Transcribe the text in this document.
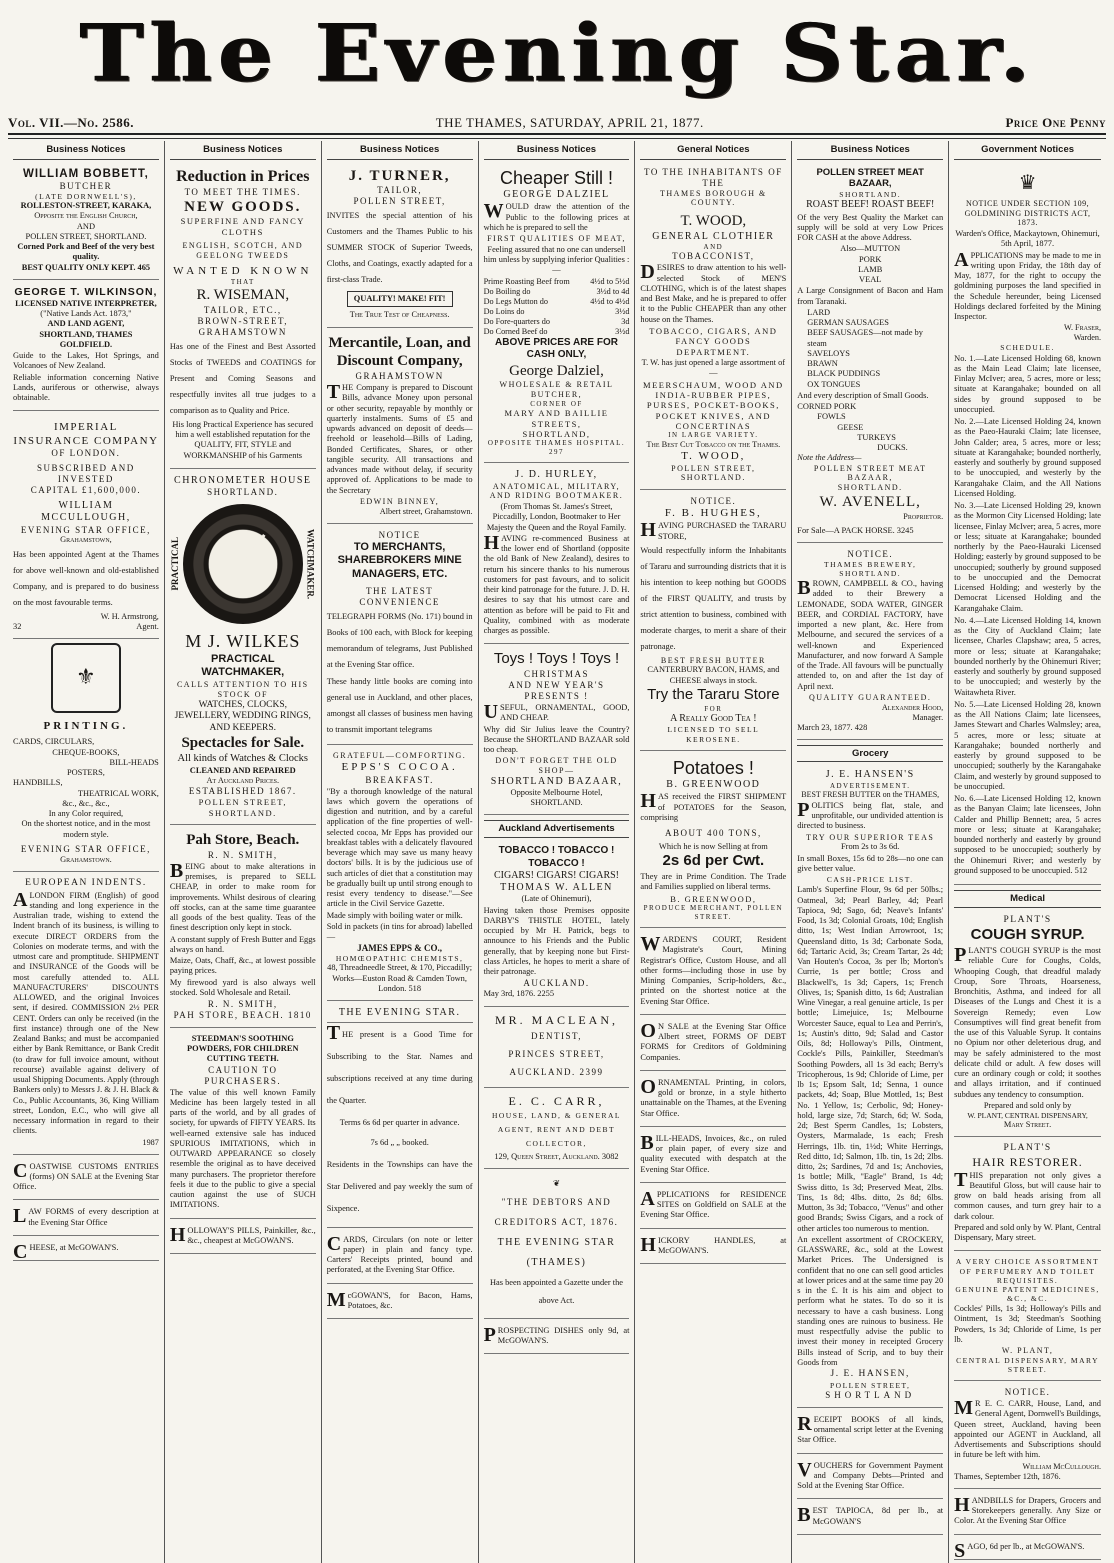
The Evening Star.
Vol. VII.—No. 2586.	THE THAMES, SATURDAY, APRIL 21, 1877.	Price One Penny
Business Notices
WILLIAM BOBBETT,
BUTCHER
(LATE DORNWELL'S),
ROLLESTON-STREET, KARAKA,
Opposite the English Church,
AND
POLLEN STREET, SHORTLAND.
Corned Pork and Beef of the very best quality.
BEST QUALITY ONLY KEPT. 465
GEORGE T. WILKINSON,
LICENSED NATIVE INTERPRETER,
("Native Lands Act. 1873,"
AND LAND AGENT,
SHORTLAND, THAMES GOLDFIELD.

Guide to the Lakes, Hot Springs, and Volcanoes of New Zealand.

Reliable information concerning Native Lands, auriferous or otherwise, always obtainable.

IMPERIAL
INSURANCE COMPANY
OF LONDON.
SUBSCRIBED AND INVESTED
CAPITAL £1,600,000.
WILLIAM MCCULLOUGH,
EVENING STAR OFFICE,
Grahamstown,

Has been appointed Agent at the Thames for above well-known and old-established Company, and is prepared to do business on the most favourable terms.

W. H. Armstrong,
32	Agent.
⚜
PRINTING.
CARDS, CIRCULARS,
CHEQUE-BOOKS,
BILL-HEADS
POSTERS,
HANDBILLS,
THEATRICAL WORK,
&c., &c., &c.,
In any Color required,
On the shortest notice, and in the most modern style.
EVENING STAR OFFICE,
Grahamstown.
EUROPEAN INDENTS.

ALONDON FIRM (English) of good standing and long experience in the Australian trade, wishing to extend the Indent branch of its business, is willing to execute DIRECT ORDERS from the Colonies on moderate terms, and with the utmost care and promptitude. SHIPMENT and INSURANCE of the Goods will be most carefully attended to. ALL MANUFACTURERS' DISCOUNTS ALLOWED, and the original Invoices sent, if desired. COMMISSION 2½ PER CENT. Orders can only be received (in the first instance) through one of the New Zealand Banks; and must be accompanied either by Bank Remittance, or Bank Credit (to draw for full invoice amount, without recourse) available against delivery of usual Shipping Documents. Apply (through Bankers only) to Messrs J. & J. H. Black & Co., Public Accountants, 36, King William street, London, E.C., who will give all necessary information in regard to their clients.

1987

COASTWISE CUSTOMS ENTRIES (forms) ON SALE at the Evening Star Office.

LAW FORMS of every description at the Evening Star Office

CHEESE, at McGOWAN'S.

Business Notices
Reduction in Prices
TO MEET THE TIMES.
NEW GOODS.
SUPERFINE AND FANCY CLOTHS
ENGLISH, SCOTCH, AND GEELONG TWEEDS
WANTED KNOWN
THAT
R. WISEMAN,
TAILOR, ETC.,
BROWN-STREET, GRAHAMSTOWN

Has one of the Finest and Best Assorted Stocks of TWEEDS and COATINGS for Present and Coming Seasons and respectfully invites all true judges to a comparison as to Quality and Price.

His long Practical Experience has secured him a well established reputation for the QUALITY, FIT, STYLE and WORKMANSHIP of his Garments

CHRONOMETER HOUSE
SHORTLAND.
PRACTICAL	WATCHMAKER.
M J. WILKES
PRACTICAL WATCHMAKER,
CALLS ATTENTION TO HIS STOCK OF
WATCHES, CLOCKS, JEWELLERY, WEDDING RINGS, AND KEEPERS.
Spectacles for Sale.
All kinds of Watches & Clocks
CLEANED AND REPAIRED
At Auckland Prices.
ESTABLISHED 1867.
POLLEN STREET, SHORTLAND.
Pah Store, Beach.
R. N. SMITH,

BEING about to make alterations in premises, is prepared to SELL CHEAP, in order to make room for improvements. Whilst desirous of clearing off stocks, can at the same time guarantee all goods of the best quality. Teas of the finest description only kept in stock.

A constant supply of Fresh Butter and Eggs always on hand.

Maize, Oats, Chaff, &c., at lowest possible paying prices.

My firewood yard is also always well stocked. Sold Wholesale and Retail.

R. N. SMITH,
PAH STORE, BEACH. 1810
STEEDMAN'S SOOTHING POWDERS, FOR CHILDREN CUTTING TEETH.
CAUTION TO PURCHASERS.

The value of this well known Family Medicine has been largely tested in all parts of the world, and by all grades of society, for upwards of FIFTY YEARS. Its well-earned extensive sale has induced SPURIOUS IMITATIONS, which in OUTWARD APPEARANCE so closely resemble the original as to have deceived many purchasers. The proprietor therefore feels it due to the public to give a special caution against the use of SUCH IMITATIONS.

HOLLOWAY'S PILLS, Painkiller, &c., &c., cheapest at McGOWAN'S.

Business Notices
J. TURNER,
TAILOR,
POLLEN STREET,

INVITES the special attention of his Customers and the Thames Public to his SUMMER STOCK of Superior Tweeds, Cloths, and Coatings, exactly adapted for a first-class Trade.

QUALITY! MAKE! FIT!
The True Test of Cheapness.
Mercantile, Loan, and Discount Company,
GRAHAMSTOWN

THE Company is prepared to Discount Bills, advance Money upon personal or other security, repayable by monthly or quarterly instalments. Sums of £5 and upwards advanced on deposit of deeds—freehold or leasehold—Bills of Lading, Bonded Certificates, Shares, or other tangible security. All transactions and advances made without delay, if security approved of. Applications to be made to the Secretary

EDWIN BINNEY,
Albert street, Grahamstown.
NOTICE
TO MERCHANTS, SHAREBROKERS MINE MANAGERS, ETC.
THE LATEST CONVENIENCE

TELEGRAPH FORMS (No. 171) bound in Books of 100 each, with Block for keeping memorandum of telegrams, Just Published at the Evening Star office.

These handy little books are coming into general use in Auckland, and other places, amongst all classes of business men having to transmit important telegrams

GRATEFUL—COMFORTING.
EPPS'S COCOA.
BREAKFAST.

"By a thorough knowledge of the natural laws which govern the operations of digestion and nutrition, and by a careful application of the fine properties of well-selected cocoa, Mr Epps has provided our breakfast tables with a delicately flavoured beverage which may save us many heavy doctors' bills. It is by the judicious use of such articles of diet that a constitution may be gradually built up until strong enough to resist every tendency to disease."—See article in the Civil Service Gazette.

Made simply with boiling water or milk.

Sold in packets (in tins for abroad) labelled—

JAMES EPPS & CO.,
HOMŒOPATHIC CHEMISTS,
48, Threadneedle Street, & 170, Piccadilly; Works—Euston Road & Camden Town, London. 518
THE EVENING STAR.

THE present is a Good Time for Subscribing to the Star. Names and subscriptions received at any time during the Quarter.

Terms 6s 6d per quarter in advance.
7s 6d „ „ booked.

Residents in the Townships can have the Star Delivered and pay weekly the sum of Sixpence.

CARDS, Circulars (on note or letter paper) in plain and fancy type. Carters' Receipts printed, bound and perforated, at the Evening Star Office.

McGOWAN'S, for Bacon, Hams, Potatoes, &c.

Business Notices
Cheaper Still !
GEORGE DALZIEL

WOULD draw the attention of the Public to the following prices at which he is prepared to sell the

FIRST QUALITIES OF MEAT,

Feeling assured that no one can undersell him unless by supplying inferior Qualities :—

Prime Roasting Beef from	4½d to 5½d
Do Boiling do	3½d to 4d
Do Legs Mutton do	4½d to 4½d
Do Loins do	3½d
Do Fore-quarters do	3d
Do Corned Beef do	3½d
ABOVE PRICES ARE FOR CASH ONLY,
George Dalziel,
WHOLESALE & RETAIL BUTCHER,
CORNER OF
MARY AND BAILLIE STREETS,
SHORTLAND,
OPPOSITE THAMES HOSPITAL. 297
J. D. HURLEY,
ANATOMICAL, MILITARY, AND RIDING BOOTMAKER.

(From Thomas St. James's Street, Piccadilly, London, Bootmaker to Her Majesty the Queen and the Royal Family.

HAVING re-commenced Business at the lower end of Shortland (opposite the old Bank of New Zealand), desires to return his sincere thanks to his numerous customers for past favours, and to solicit their kind patronage for the future. J. D. H. desires to say that his utmost care and attention as before will be paid to Fit and Quality, combined with as moderate charges as possible.

Toys ! Toys ! Toys !
CHRISTMAS
AND NEW YEAR'S PRESENTS !

USEFUL, ORNAMENTAL, GOOD, AND CHEAP.

Why did Sir Julius leave the Country? Because the SHORTLAND BAZAAR sold too cheap.

DON'T FORGET THE OLD SHOP—
SHORTLAND BAZAAR,
Opposite Melbourne Hotel, SHORTLAND.
Auckland Advertisements
TOBACCO ! TOBACCO ! TOBACCO !
CIGARS! CIGARS! CIGARS!
THOMAS W. ALLEN
(Late of Ohinemuri),

Having taken those Premises opposite DARBY'S THISTLE HOTEL, lately occupied by Mr H. Patrick, begs to announce to his Friends and the Public generally, that by keeping none but First-class Articles, he hopes to merit a share of their patronage.

AUCKLAND.
May 3rd, 1876. 2255
MR. MACLEAN,
DENTIST,
PRINCES STREET,
AUCKLAND. 2399
E. C. CARR,
HOUSE, LAND, & GENERAL AGENT, RENT AND DEBT COLLECTOR,
129, Queen Street, Auckland. 3082
❦
"THE DEBTORS AND CREDITORS ACT, 1876.
THE EVENING STAR (THAMES)

Has been appointed a Gazette under the above Act.

PROSPECTING DISHES only 9d, at McGOWAN'S.

General Notices
TO THE INHABITANTS OF THE
THAMES BOROUGH & COUNTY.
T. WOOD,
GENERAL CLOTHIER
AND
TOBACCONIST,

DESIRES to draw attention to his well-selected Stock of MEN'S CLOTHING, which is of the latest shapes and Best Make, and he is prepared to offer it to the Public CHEAPER than any other house on the Thames.

TOBACCO, CIGARS, AND FANCY GOODS DEPARTMENT.

T. W. has just opened a large assortment of—

MEERSCHAUM, WOOD AND INDIA-RUBBER PIPES, PURSES, POCKET-BOOKS, POCKET KNIVES, AND CONCERTINAS
IN LARGE VARIETY.
The Best Cut Tobacco on the Thames.
T. WOOD,
POLLEN STREET, SHORTLAND.
NOTICE.
F. B. HUGHES,

HAVING PURCHASED the TARARU STORE,

Would respectfully inform the Inhabitants of Tararu and surrounding districts that it is his intention to keep nothing but GOODS of the FIRST QUALITY, and trusts by strict attention to business, combined with moderate charges, to merit a share of their patronage.

BEST FRESH BUTTER
CANTERBURY BACON, HAMS, and CHEESE always in stock.
Try the Tararu Store
FOR
A Really Good Tea !
LICENSED TO SELL KEROSENE.
Potatoes !
B. GREENWOOD

HAS received the FIRST SHIPMENT of POTATOES for the Season, comprising

ABOUT 400 TONS,
Which he is now Selling at from
2s 6d per Cwt.

They are in Prime Condition. The Trade and Families supplied on liberal terms.

B. GREENWOOD,
PRODUCE MERCHANT, POLLEN STREET.

WARDEN'S COURT, Resident Magistrate's Court, Mining Registrar's Office, Custom House, and all other forms—including those in use by Mining Companies, Scrip-holders, &c., printed on the shortest notice at the Evening Star Office.

ON SALE at the Evening Star Office Albert street, FORMS OF DEBT FORMS for Creditors of Goldmining Companies.

ORNAMENTAL Printing, in colors, gold or bronze, in a style hitherto unattainable on the Thames, at the Evening Star Office.

BILL-HEADS, Invoices, &c., on ruled or plain paper, of every size and quality executed with despatch at the Evening Star Office.

APPLICATIONS for RESIDENCE SITES on Goldfield on SALE at the Evening Star Office.

HICKORY HANDLES, at McGOWAN'S.

Business Notices
POLLEN STREET MEAT BAZAAR,
SHORTLAND.
ROAST BEEF! ROAST BEEF!

Of the very Best Quality the Market can supply will be sold at very Low Prices FOR CASH at the above Address.

Also—MUTTON
PORK
LAMB
VEAL

A Large Consignment of Bacon and Ham from Taranaki.

LARD
GERMAN SAUSAGES
BEEF SAUSAGES—not made by steam
SAVELOYS
BRAWN
BLACK PUDDINGS
OX TONGUES

And every description of Small Goods.

CORNED PORK
FOWLS
GEESE
TURKEYS
DUCKS.
Note the Address—
POLLEN STREET MEAT BAZAAR,
SHORTLAND.
W. AVENELL,
Proprietor.
For Sale—A PACK HORSE. 3245
NOTICE.
THAMES BREWERY, SHORTLAND.

BROWN, CAMPBELL & CO., having added to their Brewery a LEMONADE, SODA WATER, GINGER BEER, and CORDIAL FACTORY, have imported a new plant, &c. Here from Melbourne, and secured the services of a well-known and Experienced Manufacturer, and now forward A Sample of the Trade. All favours will be punctually attended to, on and after the 1st day of April next.

QUALITY GUARANTEED.
Alexander Hood,
Manager.
March 23, 1877. 428
Grocery
J. E. HANSEN'S
ADVERTISEMENT.
BEST FRESH BUTTER on the THAMES,

POLITICS being flat, stale, and unprofitable, our undivided attention is directed to business.

TRY OUR SUPERIOR TEAS
From 2s to 3s 6d.

In small Boxes, 15s 6d to 28s—no one can give better value.

CASH-PRICE LIST.

Lamb's Superfine Flour, 9s 6d per 50lbs.; Oatmeal, 3d; Pearl Barley, 4d; Pearl Tapioca, 9d; Sago, 6d; Neave's Infants' Food, 1s 3d; Colonial Groats, 10d; English ditto, 1s; West Indian Arrowroot, 1s; Queensland ditto, 1s 3d; Carbonate Soda, 6d; Tartaric Acid, 3s; Cream Tartar, 2s 4d; Van Houten's Cocoa, 3s per lb; Morton's Currie, 1s per bottle; Cross and Blackwell's, 1s 3d; Capers, 1s; French Olives, 1s; Spanish ditto, 1s 6d; Australian Wine Vinegar, a real genuine article, 1s per bottle; Limejuice, 1s; Melbourne Worcester Sauce, equal to Lea and Perrin's, 1s; Austin's ditto, 9d; Salad and Castor Oils, 8d; Holloway's Pills, Ointment, Cockle's Pills, Painkiller, Steedman's Soothing Powders, all 1s 3d each; Berry's Tricopherous, 1s 9d; Chloride of Lime, per lb 1s; Epsom Salt, 1d; Senna, 1 ounce packets, 4d; Soap, Blue Mottled, 1s; Best No. 1 Yellow, 1s; Cerbolic, 9d; Honey-hold, large size, 7d; Starch, 6d; W. Soda, 2d; Best Sperm Candles, 1s; Lobsters, Oysters, Marmalade, 1s each; Fresh Herrings, 1lb. tin, 1½d; White Herrings, Red ditto, 1d; Salmon, 1lb. tin, 1s 2d; 2lbs. ditto, 2s; Sardines, 7d and 1s; Anchovies, 1s bottle; Milk, "Eagle" Brand, 1s 4d; Swiss ditto, 1s 3d; Preserved Meat, 2lbs. Tins, 1s 8d; 4lbs. ditto, 2s 8d; 6lbs. Mutton, 3s 3d; Tobacco, "Venus" and other good Brands; Swiss Cigars, and a rock of other articles too numerous to mention.

An excellent assortment of CROCKERY, GLASSWARE, &c., sold at the Lowest Market Prices. The Undersigned is confident that no one can sell good articles at lower prices and at the same time pay 20 s in the £. It is his aim and object to perform what he states. To do so it is necessary to have a cash business. Long standing ones are ruinous to business. He must respectfully advise the public to invest their money in receipted Grocery Bills instead of Scrip, and to buy their Goods from

J. E. HANSEN,
POLLEN STREET,
SHORTLAND

RECEIPT BOOKS of all kinds, ornamental script letter at the Evening Star Office.

VOUCHERS for Government Payment and Company Debts—Printed and Sold at the Evening Star Office.

BEST TAPIOCA, 8d per lb., at McGOWAN'S

Government Notices
♛
NOTICE UNDER SECTION 109, GOLDMINING DISTRICTS ACT, 1873.

Warden's Office, Mackaytown, Ohinemuri, 5th April, 1877.

APPLICATIONS may be made to me in writing upon Friday, the 18th day of May, 1877, for the right to occupy the goldmining purposes the land specified in the Schedule hereunder, being Licensed Holdings declared forfeited by the Mining Inspector.

W. Fraser,
Warden.
SCHEDULE.

No. 1.—Late Licensed Holding 68, known as the Main Lead Claim; late licensee, Finlay McIver; area, 5 acres, more or less; situate at Karangahake; bounded on all sides by ground supposed to be unoccupied.

No. 2.—Late Licensed Holding 24, known as the Paeo-Hauraki Claim; late licensee, John Calder; area, 5 acres, more or less; situate at Karangahake; bounded northerly, easterly and southerly by ground supposed to be unoccupied, and westerly by the Karangahake Claim, and the All Nations Licensed Holding.

No. 3.—Late Licensed Holding 29, known as the Mormon City Licensed Holding; late licensee, Finlay McIver; area, 5 acres, more or less; situate at Karangahake; bounded northerly by the Paeo-Hauraki Licensed Holding; easterly by ground supposed to be unoccupied; southerly by ground supposed to be unoccupied and the Democrat Licensed Holding; and westerly by the Democrat Licensed Holding and the Karangahake Claim.

No. 4.—Late Licensed Holding 14, known as the City of Auckland Claim; late licensee, Charles Clapshaw; area, 5 acres, more or less; situate at Karangahake; bounded northerly by the Ohinemuri River; easterly and southerly by ground supposed to be unoccupied; and westerly by the Waitawheta River.

No. 5.—Late Licensed Holding 28, known as the All Nations Claim; late licensees, James Stewart and Charles Walmsley; area, 5 acres, more or less; situate at Karangahake; bounded northerly and easterly by ground supposed to be unoccupied; southerly by the Karangahake Claim, and westerly by ground supposed to be unoccupied.

No. 6.—Late Licensed Holding 12, known as the Banyan Claim; late licensees, John Calder and Phillip Bennett; area, 5 acres more or less; situate at Karangahake; bounded northerly and easterly by ground supposed to be unoccupied; southerly by the Ohinemuri River; and westerly by ground supposed to be unoccupied. 512

Medical
PLANT'S
COUGH SYRUP.

PLANT'S COUGH SYRUP is the most reliable Cure for Coughs, Colds, Whooping Cough, that dreadful malady Croup, Sore Throats, Hoarseness, Bronchitis, Asthma, and indeed for all Diseases of the Lungs and Chest it is a Sovereign Remedy; even Low Consumptives will find great benefit from the use of this Valuable Syrup. It contains no Opium nor other deleterious drug, and may be safely administered to the most delicate child or adult. A few doses will cure an ordinary cough or cold; it soothes and allays irritation, and if continued subdues any tendency to consumption.

Prepared and sold only by
W. PLANT, CENTRAL DISPENSARY,
Mary Street.
PLANT'S
HAIR RESTORER.

THIS preparation not only gives a Beautiful Gloss, but will cause hair to grow on bald heads arising from all common causes, and turn grey hair to a dark colour.

Prepared and sold only by W. Plant, Central Dispensary, Mary street.

A VERY CHOICE ASSORTMENT OF PERFUMERY AND TOILET REQUISITES.
GENUINE PATENT MEDICINES, &C., &C.

Cockles' Pills, 1s 3d; Holloway's Pills and Ointment, 1s 3d; Steedman's Soothing Powders, 1s 3d; Chloride of Lime, 1s per lb.

W. PLANT,
CENTRAL DISPENSARY, MARY STREET.
NOTICE.

MR E. C. CARR, House, Land, and General Agent, Dornwell's Buildings, Queen street, Auckland, having been appointed our AGENT in Auckland, all Advertisements and Subscriptions should in future be left with him.

William McCullough.
Thames, September 12th, 1876.

HANDBILLS for Drapers, Grocers and Storekeepers generally. Any Size or Color. At the Evening Star Office

SAGO, 6d per lb., at McGOWAN'S.
